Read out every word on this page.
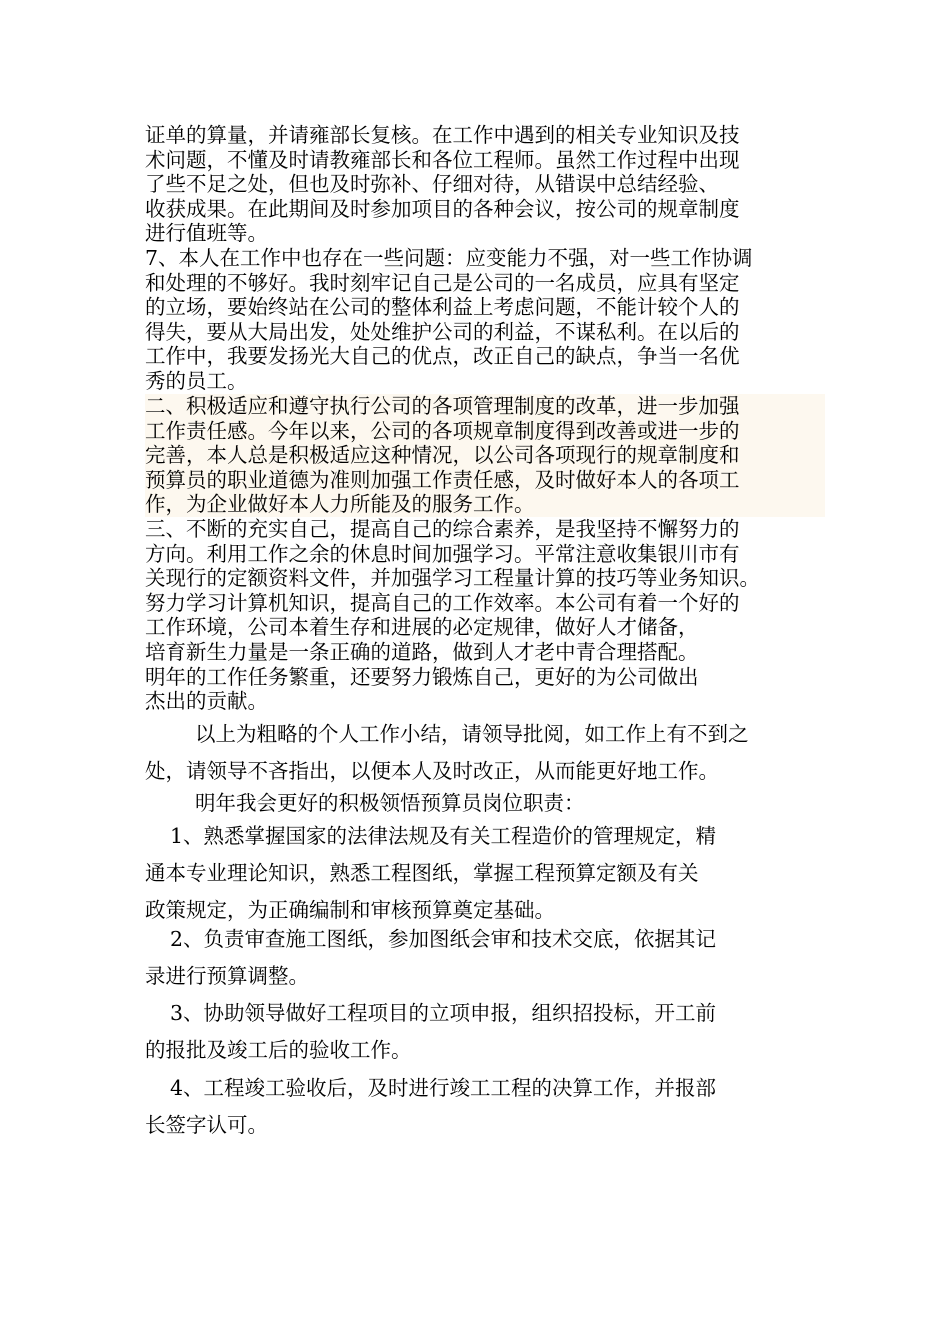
证单的算量，并请雍部长复核。在工作中遇到的相关专业知识及技
术问题，不懂及时请教雍部长和各位工程师。虽然工作过程中出现
了些不足之处，但也及时弥补、仔细对待，从错误中总结经验、
收获成果。在此期间及时参加项目的各种会议，按公司的规章制度
进行值班等。
7、本人在工作中也存在一些问题：应变能力不强，对一些工作协调
和处理的不够好。我时刻牢记自己是公司的一名成员，应具有坚定
的立场，要始终站在公司的整体利益上考虑问题，不能计较个人的
得失，要从大局出发，处处维护公司的利益，不谋私利。在以后的
工作中，我要发扬光大自己的优点，改正自己的缺点，争当一名优
秀的员工。
二、积极适应和遵守执行公司的各项管理制度的改革，进一步加强
工作责任感。今年以来，公司的各项规章制度得到改善或进一步的
完善，本人总是积极适应这种情况，以公司各项现行的规章制度和
预算员的职业道德为准则加强工作责任感，及时做好本人的各项工
作，为企业做好本人力所能及的服务工作。
三、不断的充实自己，提高自己的综合素养，是我坚持不懈努力的
方向。利用工作之余的休息时间加强学习。平常注意收集银川市有
关现行的定额资料文件，并加强学习工程量计算的技巧等业务知识。
努力学习计算机知识，提高自己的工作效率。本公司有着一个好的
工作环境，公司本着生存和进展的必定规律，做好人才储备，
培育新生力量是一条正确的道路，做到人才老中青合理搭配。
明年的工作任务繁重，还要努力锻炼自己，更好的为公司做出
杰出的贡献。
以上为粗略的个人工作小结，请领导批阅，如工作上有不到之
处，请领导不吝指出，以便本人及时改正，从而能更好地工作。
明年我会更好的积极领悟预算员岗位职责：
1、熟悉掌握国家的法律法规及有关工程造价的管理规定，精
通本专业理论知识，熟悉工程图纸，掌握工程预算定额及有关
政策规定，为正确编制和审核预算奠定基础。
2、负责审查施工图纸，参加图纸会审和技术交底，依据其记
录进行预算调整。
3、协助领导做好工程项目的立项申报，组织招投标，开工前
的报批及竣工后的验收工作。
4、工程竣工验收后，及时进行竣工工程的决算工作，并报部
长签字认可。
